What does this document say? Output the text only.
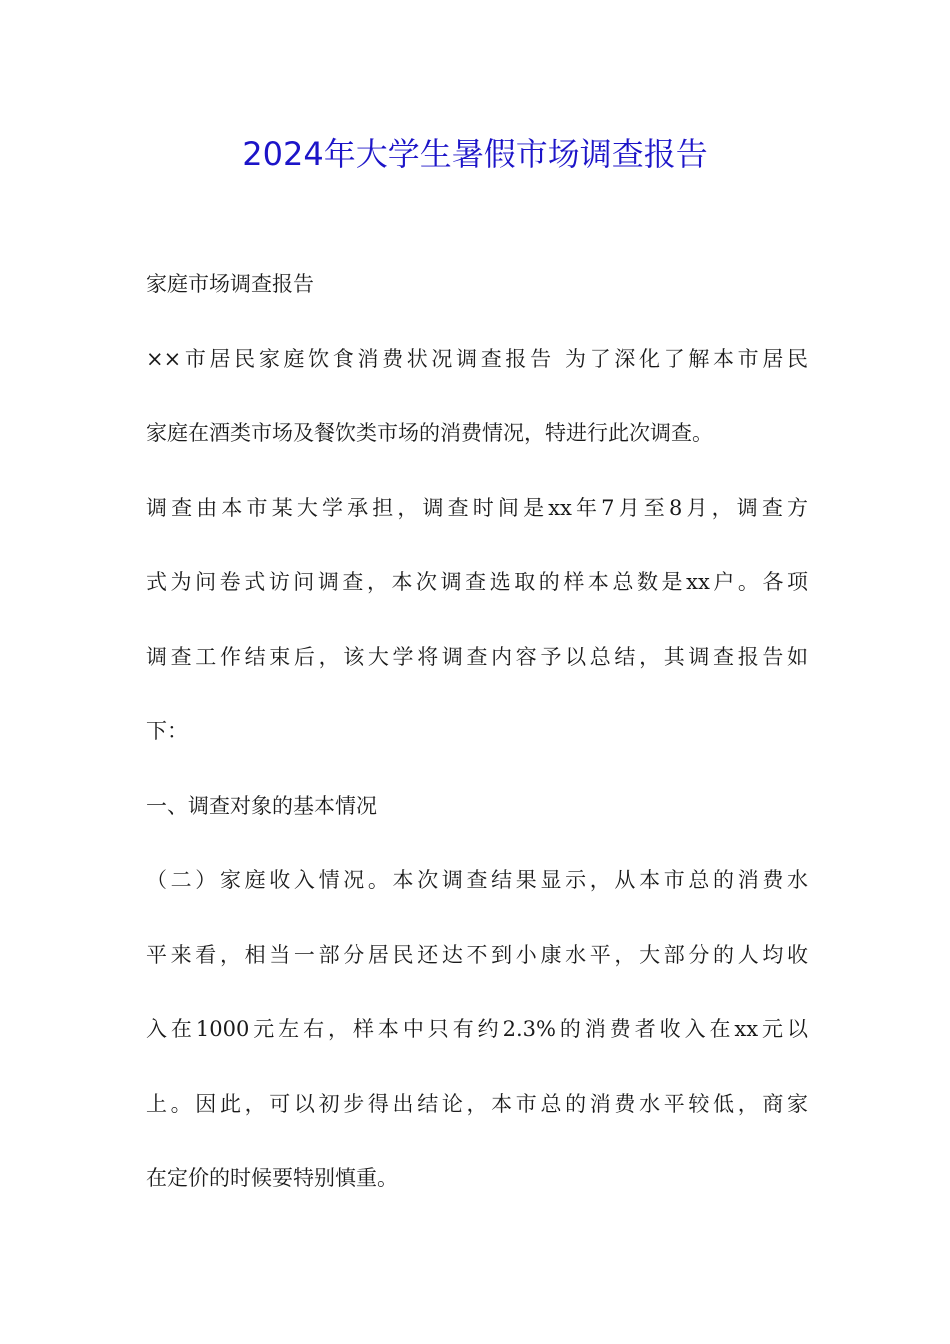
2024年大学生暑假市场调查报告
家庭市场调查报告
××市居民家庭饮食消费状况调查报告 为了深化了解本市居民
家庭在酒类市场及餐饮类市场的消费情况，特进行此次调查。
调查由本市某大学承担，调查时间是xx年7月至8月，调查方
式为问卷式访问调查，本次调查选取的样本总数是xx户。各项
调查工作结束后，该大学将调查内容予以总结，其调查报告如
下：
一、调查对象的基本情况
（二）家庭收入情况。本次调查结果显示，从本市总的消费水
平来看，相当一部分居民还达不到小康水平，大部分的人均收
入在1000元左右，样本中只有约2.3%的消费者收入在xx元以
上。因此，可以初步得出结论，本市总的消费水平较低，商家
在定价的时候要特别慎重。
